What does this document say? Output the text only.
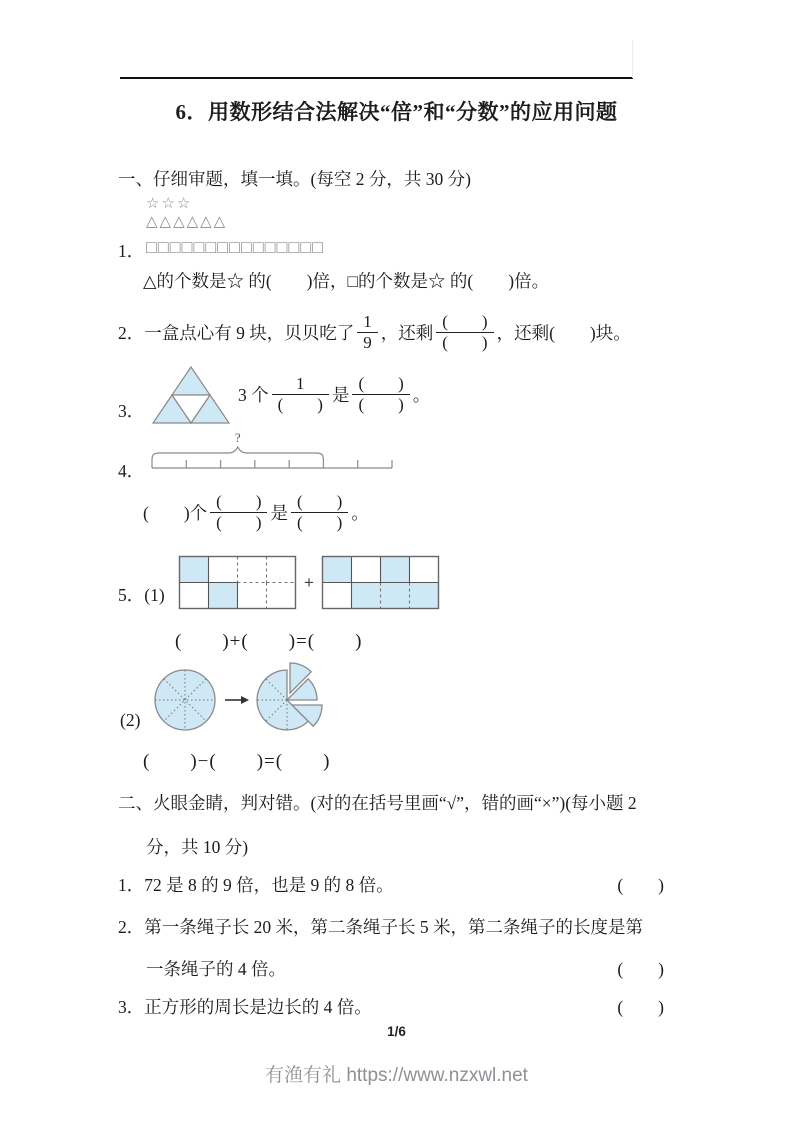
6．用数形结合法解决“倍”和“分数”的应用问题
一、仔细审题，填一填。(每空 2 分，共 30 分)
☆☆☆
△△△△△△
1． □□□□□□□□□□□□□□□
△的个数是☆ 的(　　)倍，□的个数是☆ 的(　　)倍。
2． 一盒点心有 9 块，贝贝吃了 $\frac{1}{9}$ ，还剩 $\frac{( )}{( )}$ ，还剩(　　)块。
3．
3 个 $\frac{1}{( )}$ 是 $\frac{( )}{( )}$ 。
4．
?
(　　)个 $\frac{( )}{( )}$ 是 $\frac{( )}{( )}$ 。
5．(1)
+
(　　)+(　　)=(　　)
(2)
(　　)−(　　)=(　　)
二、火眼金睛，判对错。(对的在括号里画“√”，错的画“×”)(每小题 2
分，共 10 分)
1．72 是 8 的 9 倍，也是 9 的 8 倍。	(　　)
2．第一条绳子长 20 米，第二条绳子长 5 米，第二条绳子的长度是第
一条绳子的 4 倍。	(　　)
3．正方形的周长是边长的 4 倍。	(　　)
1/6
有渔有礼 https://www.nzxwl.net
